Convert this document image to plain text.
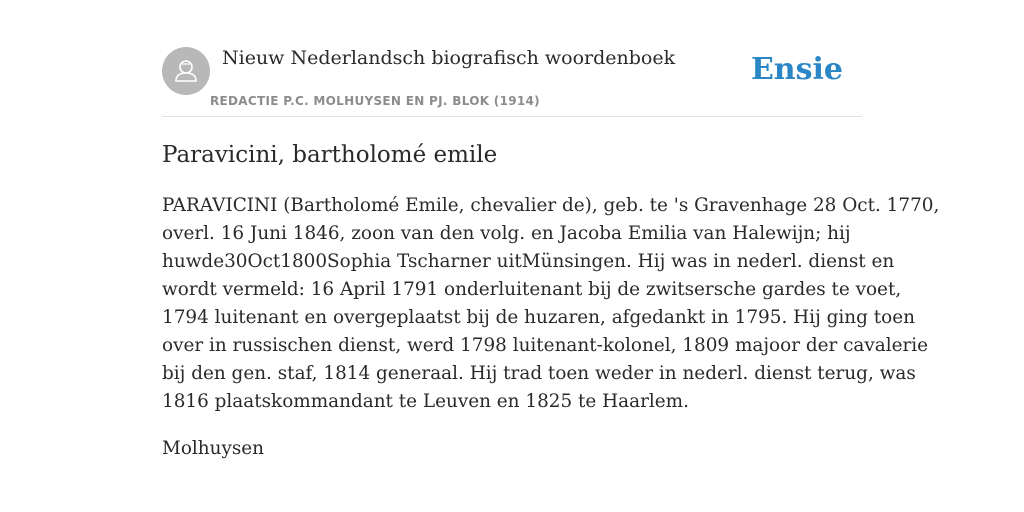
Nieuw Nederlandsch biografisch woordenboek
REDACTIE P.C. MOLHUYSEN EN PJ. BLOK (1914)
Ensie
Paravicini, bartholomé emile

PARAVICINI (Bartholomé Emile, chevalier de), geb. te 's Gravenhage 28 Oct. 1770,
overl. 16 Juni 1846, zoon van den volg. en Jacoba Emilia van Halewijn; hij
huwde30Oct1800Sophia Tscharner uitMünsingen. Hij was in nederl. dienst en
wordt vermeld: 16 April 1791 onderluitenant bij de zwitsersche gardes te voet,
1794 luitenant en overgeplaatst bij de huzaren, afgedankt in 1795. Hij ging toen
over in russischen dienst, werd 1798 luitenant-kolonel, 1809 majoor der cavalerie
bij den gen. staf, 1814 generaal. Hij trad toen weder in nederl. dienst terug, was
1816 plaatskommandant te Leuven en 1825 te Haarlem.

Molhuysen
